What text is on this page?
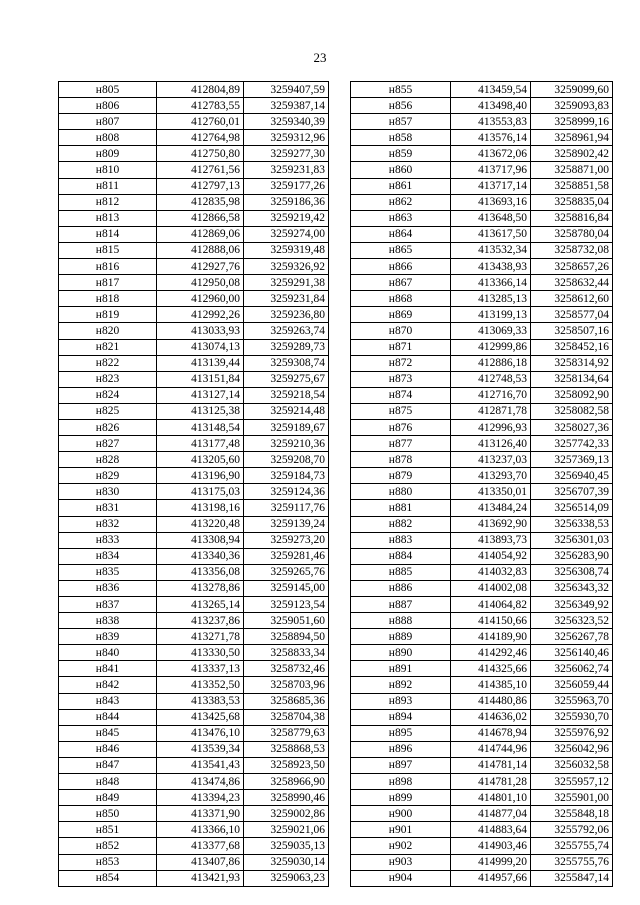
23
н805	412804,89	3259407,59
н806	412783,55	3259387,14
н807	412760,01	3259340,39
н808	412764,98	3259312,96
н809	412750,80	3259277,30
н810	412761,56	3259231,83
н811	412797,13	3259177,26
н812	412835,98	3259186,36
н813	412866,58	3259219,42
н814	412869,06	3259274,00
н815	412888,06	3259319,48
н816	412927,76	3259326,92
н817	412950,08	3259291,38
н818	412960,00	3259231,84
н819	412992,26	3259236,80
н820	413033,93	3259263,74
н821	413074,13	3259289,73
н822	413139,44	3259308,74
н823	413151,84	3259275,67
н824	413127,14	3259218,54
н825	413125,38	3259214,48
н826	413148,54	3259189,67
н827	413177,48	3259210,36
н828	413205,60	3259208,70
н829	413196,90	3259184,73
н830	413175,03	3259124,36
н831	413198,16	3259117,76
н832	413220,48	3259139,24
н833	413308,94	3259273,20
н834	413340,36	3259281,46
н835	413356,08	3259265,76
н836	413278,86	3259145,00
н837	413265,14	3259123,54
н838	413237,86	3259051,60
н839	413271,78	3258894,50
н840	413330,50	3258833,34
н841	413337,13	3258732,46
н842	413352,50	3258703,96
н843	413383,53	3258685,36
н844	413425,68	3258704,38
н845	413476,10	3258779,63
н846	413539,34	3258868,53
н847	413541,43	3258923,50
н848	413474,86	3258966,90
н849	413394,23	3258990,46
н850	413371,90	3259002,86
н851	413366,10	3259021,06
н852	413377,68	3259035,13
н853	413407,86	3259030,14
н854	413421,93	3259063,23
н855	413459,54	3259099,60
н856	413498,40	3259093,83
н857	413553,83	3258999,16
н858	413576,14	3258961,94
н859	413672,06	3258902,42
н860	413717,96	3258871,00
н861	413717,14	3258851,58
н862	413693,16	3258835,04
н863	413648,50	3258816,84
н864	413617,50	3258780,04
н865	413532,34	3258732,08
н866	413438,93	3258657,26
н867	413366,14	3258632,44
н868	413285,13	3258612,60
н869	413199,13	3258577,04
н870	413069,33	3258507,16
н871	412999,86	3258452,16
н872	412886,18	3258314,92
н873	412748,53	3258134,64
н874	412716,70	3258092,90
н875	412871,78	3258082,58
н876	412996,93	3258027,36
н877	413126,40	3257742,33
н878	413237,03	3257369,13
н879	413293,70	3256940,45
н880	413350,01	3256707,39
н881	413484,24	3256514,09
н882	413692,90	3256338,53
н883	413893,73	3256301,03
н884	414054,92	3256283,90
н885	414032,83	3256308,74
н886	414002,08	3256343,32
н887	414064,82	3256349,92
н888	414150,66	3256323,52
н889	414189,90	3256267,78
н890	414292,46	3256140,46
н891	414325,66	3256062,74
н892	414385,10	3256059,44
н893	414480,86	3255963,70
н894	414636,02	3255930,70
н895	414678,94	3255976,92
н896	414744,96	3256042,96
н897	414781,14	3256032,58
н898	414781,28	3255957,12
н899	414801,10	3255901,00
н900	414877,04	3255848,18
н901	414883,64	3255792,06
н902	414903,46	3255755,74
н903	414999,20	3255755,76
н904	414957,66	3255847,14
